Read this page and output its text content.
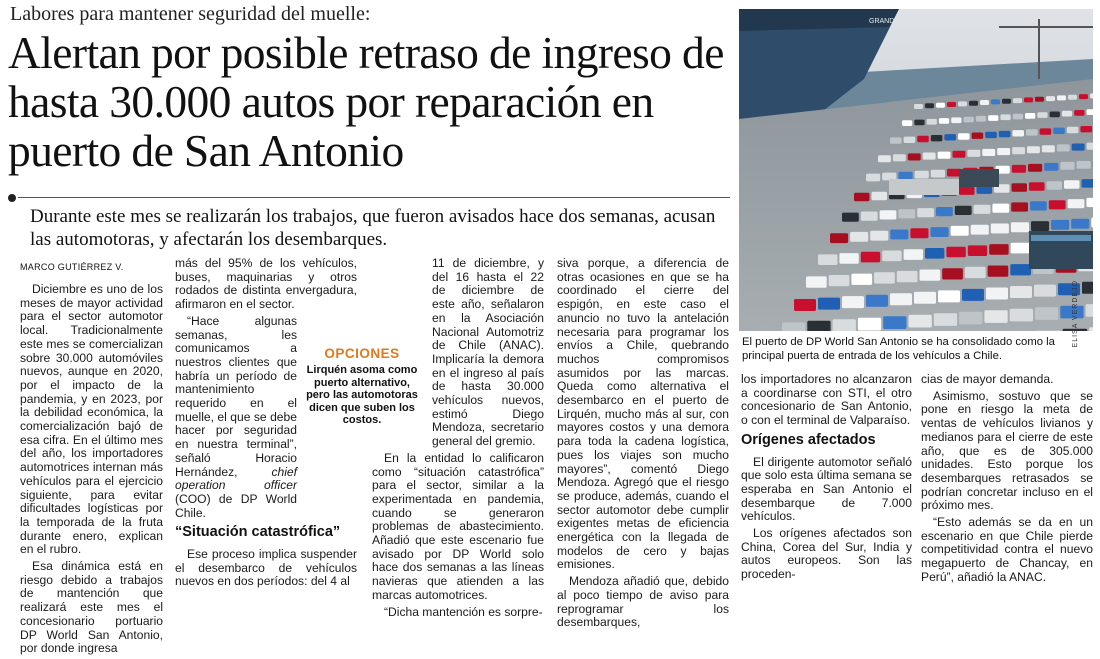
Labores para mantener seguridad del muelle:
Alertan por posible retraso de ingreso de hasta 30.000 autos por reparación en puerto de San Antonio

Durante este mes se realizarán los trabajos, que fueron avisados hace dos semanas, acusan las automotoras, y afectarán los desembarques.

MARCO GUTIÉRREZ V.

Diciembre es uno de los meses de mayor actividad para el sector automotor local. Tradicionalmente este mes se comercializan sobre 30.000 automóviles nuevos, aunque en 2020, por el impacto de la pandemia, y en 2023, por la debilidad económica, la comercialización bajó de esa cifra. En el último mes del año, los importadores automotrices internan más vehículos para el ejercicio siguiente, para evitar dificultades logísticas por la temporada de la fruta durante enero, explican en el rubro.

Esa dinámica está en riesgo debido a trabajos de mantención que realizará este mes el concesionario portuario DP World San Antonio, por donde ingresa

más del 95% de los vehículos, buses, maquinarias y otros rodados de distinta envergadura, afirmaron en el sector.

“Hace algunas semanas, les comunicamos a nuestros clientes que habría un período de mantenimiento requerido en el muelle, el que se debe hacer por seguridad en nuestra terminal”, señaló Horacio Hernández,	chief operation officer (COO) de DP World Chile.

“Situación catastrófica”

Ese proceso implica suspender el desembarco de vehículos nuevos en dos períodos: del 4 al

OPCIONES
Lirquén asoma como puerto alternativo, pero las automotoras dicen que suben los costos.

11 de diciembre, y del 16 hasta el 22 de diciembre de este año, señalaron en la Asociación Nacional Automotriz de Chile (ANAC). Implicaría la demora en el ingreso al país de hasta 30.000 vehículos nuevos, estimó Diego Mendoza, secretario general del gremio.

En la entidad lo calificaron como “situación catastrófica” para el sector, similar a la experimentada en pandemia, cuando se generaron problemas de abastecimiento. Añadió que este escenario fue avisado por DP World solo hace dos semanas a las líneas navieras que atienden a las marcas automotrices.

“Dicha mantención es sorpre-

siva porque, a diferencia de otras ocasiones en que se ha coordinado el cierre del espigón, en este caso el anuncio no tuvo la antelación necesaria para programar los envíos a Chile, quebrando muchos compromisos asumidos por las marcas. Queda como alternativa el desembarco en el puerto de Lirquén, mucho más al sur, con mayores costos y una demora para toda la cadena logística, pues los viajes son mucho mayores”, comentó Diego Mendoza. Agregó que el riesgo se produce, además, cuando el sector automotor debe cumplir exigentes metas de eficiencia energética con la llegada de modelos de cero y bajas emisiones.

Mendoza añadió que, debido al poco tiempo de aviso para reprogramar los desembarques,

GRAND
ELISA VERDEJO
El puerto de DP World San Antonio se ha consolidado como la principal puerta de entrada de los vehículos a Chile.

los importadores no alcanzaron a coordinarse con STI, el otro concesionario de San Antonio, o con el terminal de Valparaíso.

Orígenes afectados

El dirigente automotor señaló que solo esta última semana se esperaba en San Antonio el desembarque de 7.000 vehículos.

Los orígenes afectados son China, Corea del Sur, India y autos europeos. Son las proceden-

cias de mayor demanda.

Asimismo, sostuvo que se pone en riesgo la meta de ventas de vehículos livianos y medianos para el cierre de este año, que es de 305.000 unidades. Esto porque los desembarques retrasados se podrían concretar incluso en el próximo mes.

“Esto además se da en un escenario en que Chile pierde competitividad contra el nuevo megapuerto de Chancay, en Perú”, añadió la ANAC.
